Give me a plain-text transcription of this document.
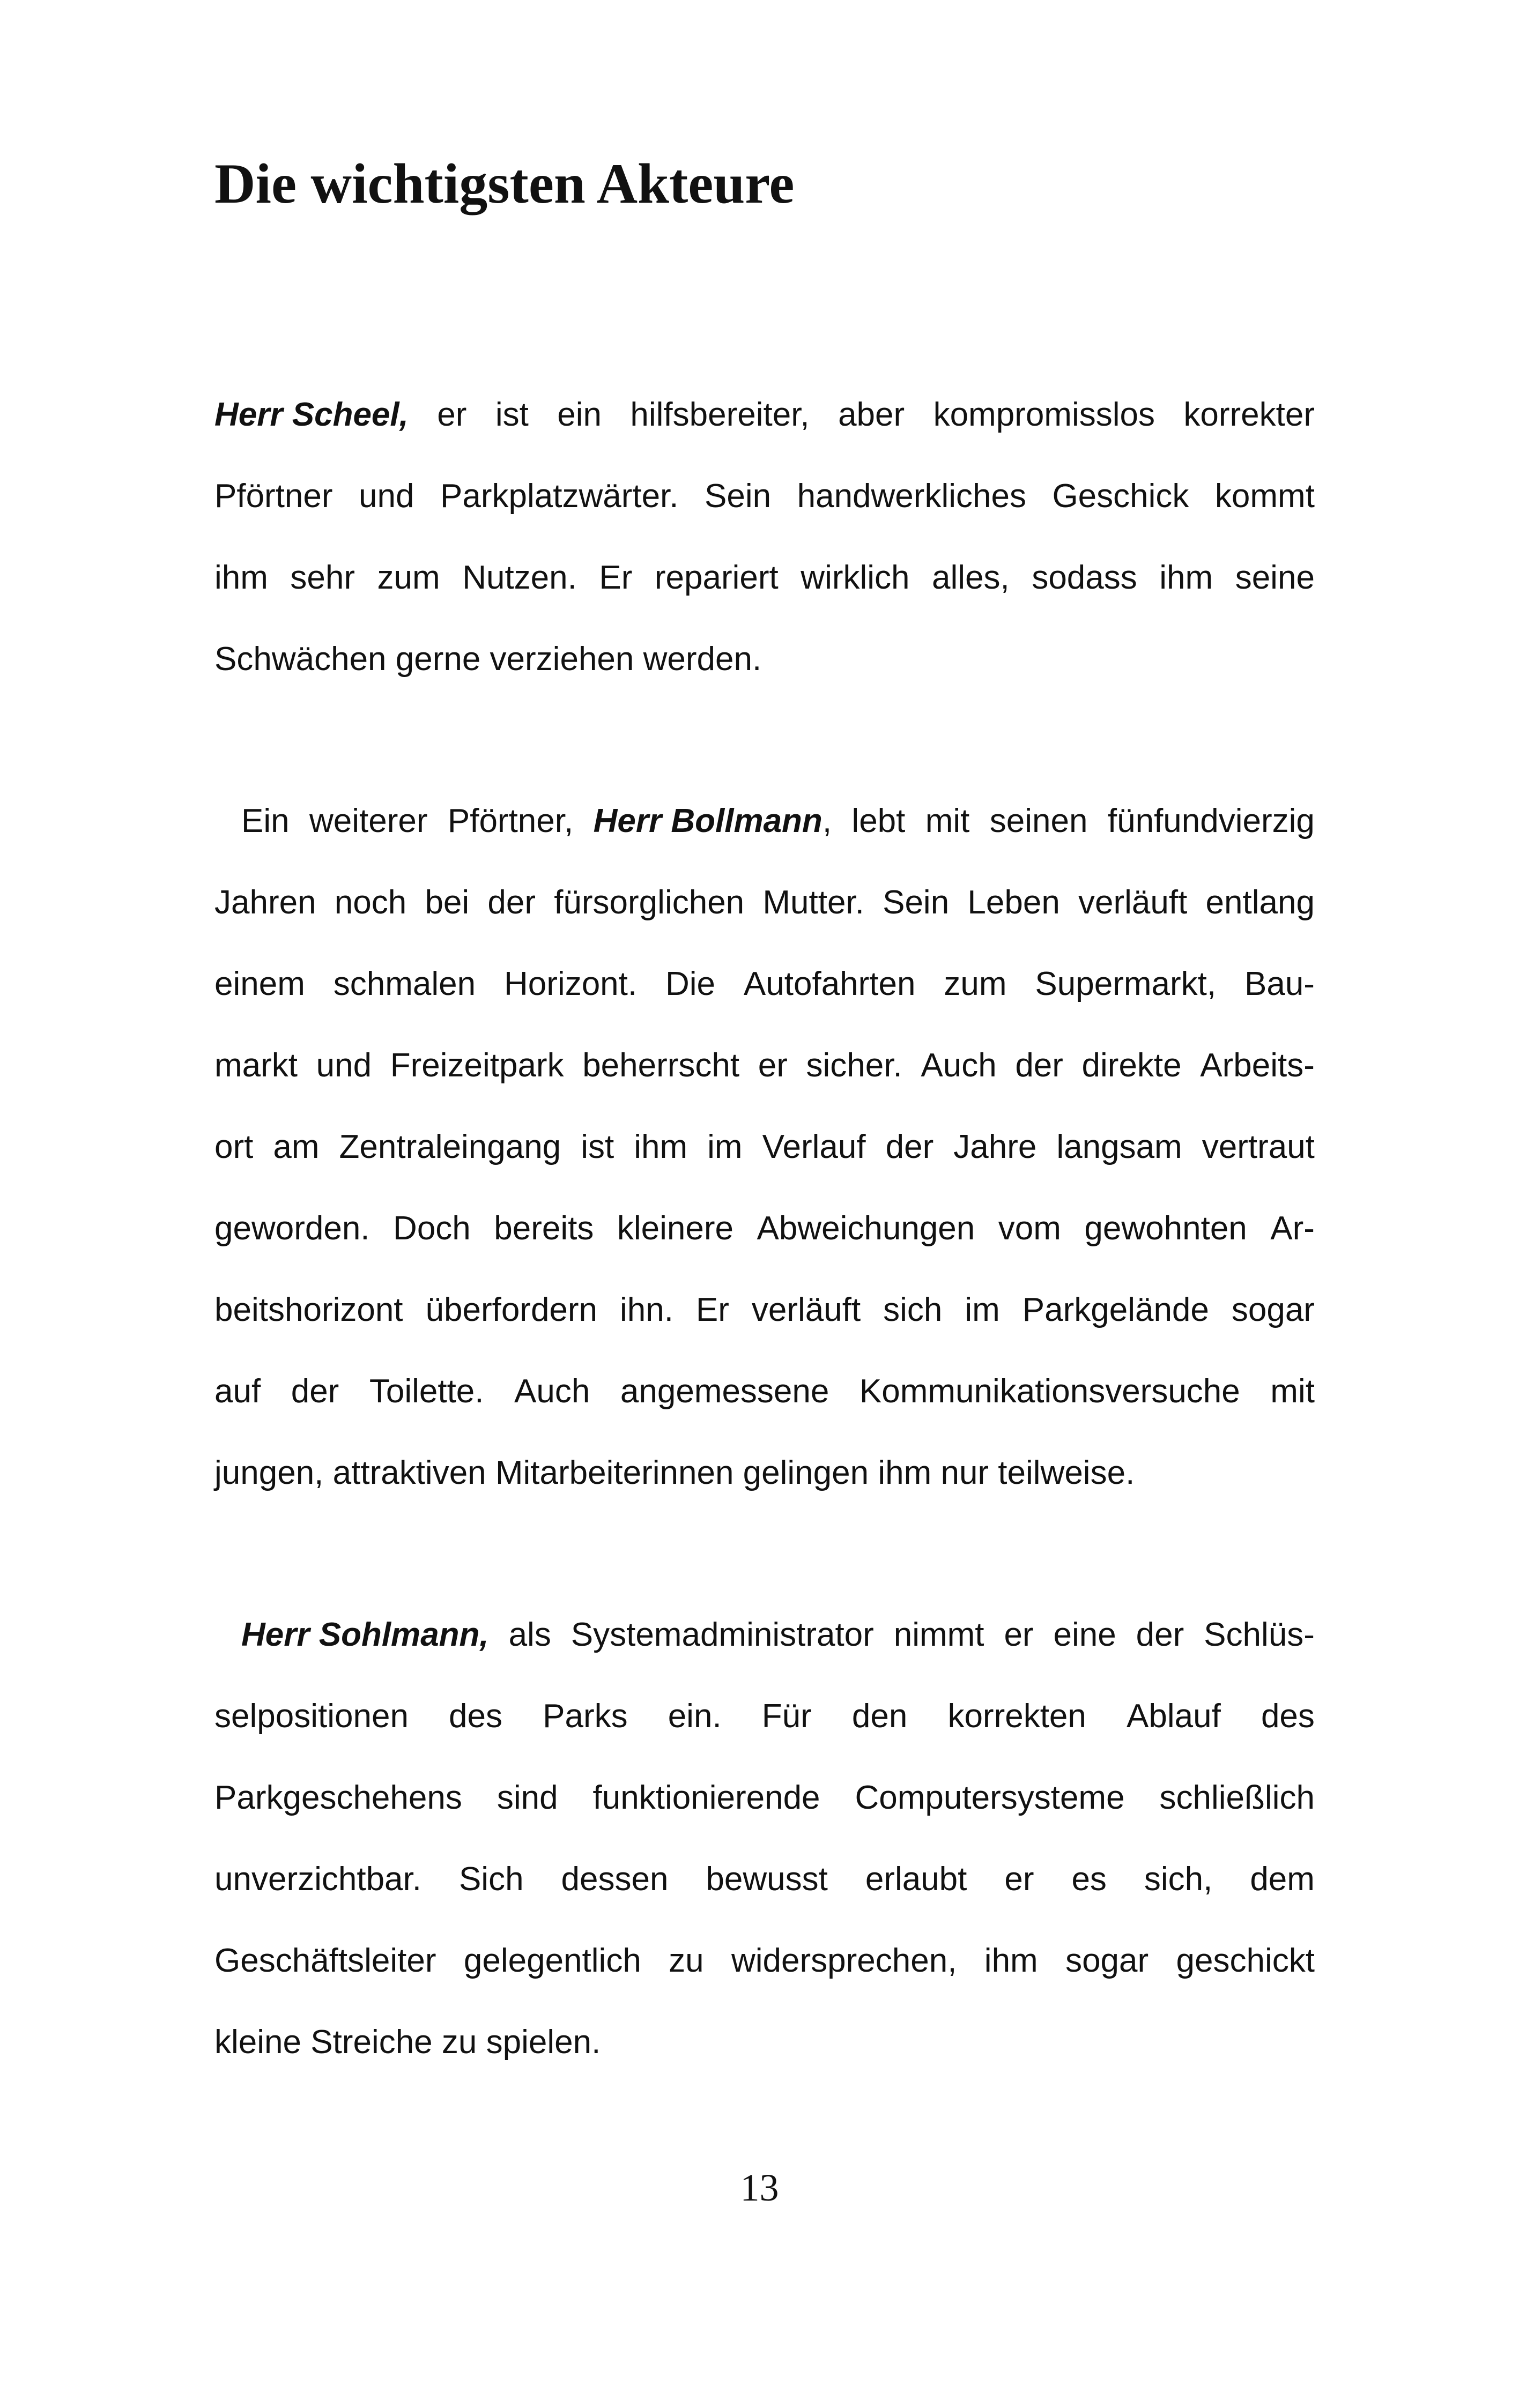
Die wichtigsten Akteure
Herr Scheel, er ist ein hilfsbereiter, aber kompromisslos korrekter
Pförtner und Parkplatzwärter. Sein handwerkliches Geschick kommt
ihm sehr zum Nutzen. Er repariert wirklich alles, sodass ihm seine
Schwächen gerne verziehen werden.
Ein weiterer Pförtner, Herr Bollmann, lebt mit seinen fünfundvierzig
Jahren noch bei der fürsorglichen Mutter. Sein Leben verläuft entlang
einem schmalen Horizont. Die Autofahrten zum Supermarkt, Bau-
markt und Freizeitpark beherrscht er sicher. Auch der direkte Arbeits-
ort am Zentraleingang ist ihm im Verlauf der Jahre langsam vertraut
geworden. Doch bereits kleinere Abweichungen vom gewohnten Ar-
beitshorizont überfordern ihn. Er verläuft sich im Parkgelände sogar
auf der Toilette. Auch angemessene Kommunikationsversuche mit
jungen, attraktiven Mitarbeiterinnen gelingen ihm nur teilweise.
Herr Sohlmann, als Systemadministrator nimmt er eine der Schlüs-
selpositionen des Parks ein. Für den korrekten Ablauf des
Parkgeschehens sind funktionierende Computersysteme schließlich
unverzichtbar. Sich dessen bewusst erlaubt er es sich, dem
Geschäftsleiter gelegentlich zu widersprechen, ihm sogar geschickt
kleine Streiche zu spielen.
13
